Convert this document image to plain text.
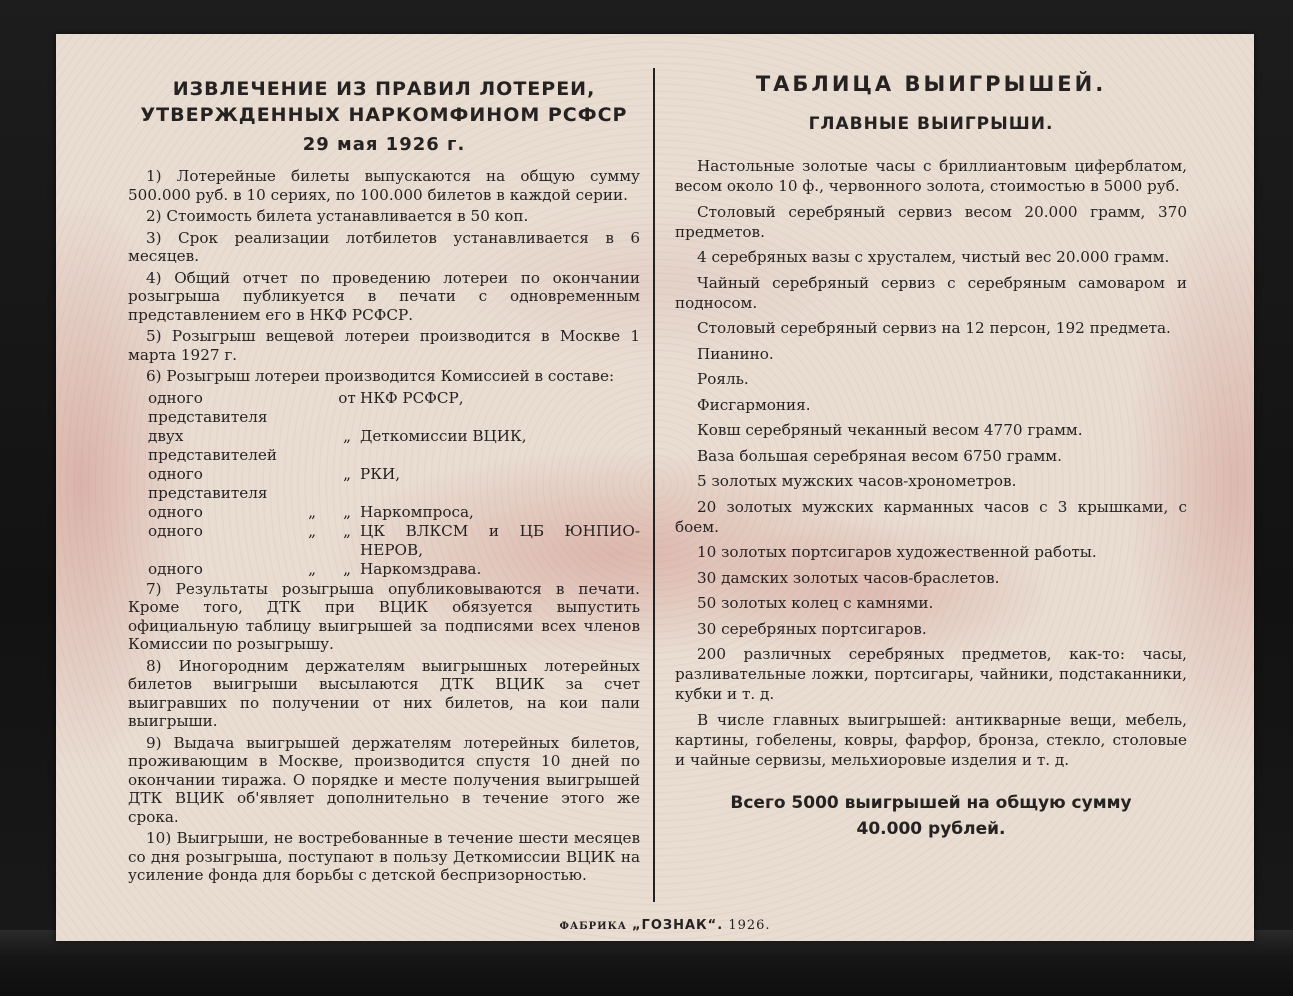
ИЗВЛЕЧЕНИЕ ИЗ ПРАВИЛ ЛОТЕРЕИ,
УТВЕРЖДЕННЫХ НАРКОМФИНОМ РСФСР
29 мая 1926 г.

1) Лотерейные билеты выпускаются на общую сумму 500.000 руб. в 10 сериях, по 100.000 билетов в каждой серии.

2) Стоимость билета устанавливается в 50 коп.

3) Срок реализации лотбилетов устанавливается в 6 месяцев.

4) Общий отчет по проведению лотереи по окончании розыгрыша публикуется в печати с одновременным представлением его в НКФ РСФСР.

5) Розыгрыш вещевой лотереи производится в Москве 1 марта 1927 г.

6) Розыгрыш лотереи производится Комиссией в составе:

одного представителя		от	НКФ РСФСР,
двух представителей		„	Деткомиссии ВЦИК,
одного представителя		„	РКИ,
одного	„	„	Наркомпроса,
одного	„	„	ЦК ВЛКСМ и ЦБ ЮНПИО-НЕРОВ,
одного	„	„	Наркомздрава.

7) Результаты розыгрыша опубликовываются в печати. Кроме того, ДТК при ВЦИК обязуется выпустить официальную таблицу выигрышей за подписями всех членов Комиссии по розыгрышу.

8) Иногородним держателям выигрышных лотерейных билетов выигрыши высылаются ДТК ВЦИК за счет выигравших по получении от них билетов, на кои пали выигрыши.

9) Выдача выигрышей держателям лотерейных билетов, проживающим в Москве, производится спустя 10 дней по окончании тиража. О порядке и месте получения выигрышей ДТК ВЦИК об'являет дополнительно в течение этого же срока.

10) Выигрыши, не востребованные в течение шести месяцев со дня розыгрыша, поступают в пользу Деткомиссии ВЦИК на усиление фонда для борьбы с детской беспризорностью.

ТАБЛИЦА ВЫИГРЫШЕЙ.
ГЛАВНЫЕ ВЫИГРЫШИ.

Настольные золотые часы с бриллиантовым циферблатом, весом около 10 ф., червонного золота, стоимостью в 5000 руб.

Столовый серебряный сервиз весом 20.000 грамм, 370 предметов.

4 серебряных вазы с хрусталем, чистый вес 20.000 грамм.

Чайный серебряный сервиз с серебряным самоваром и подносом.

Столовый серебряный сервиз на 12 персон, 192 предмета.

Пианино.

Рояль.

Фисгармония.

Ковш серебряный чеканный весом 4770 грамм.

Ваза большая серебряная весом 6750 грамм.

5 золотых мужских часов-хронометров.

20 золотых мужских карманных часов с 3 крышками, с боем.

10 золотых портсигаров художественной работы.

30 дамских золотых часов-браслетов.

50 золотых колец с камнями.

30 серебряных портсигаров.

200 различных серебряных предметов, как-то: часы, разливательные ложки, портсигары, чайники, подстаканники, кубки и т. д.

В числе главных выигрышей: антикварные вещи, мебель, картины, гобелены, ковры, фарфор, бронза, стекло, столовые и чайные сервизы, мельхиоровые изделия и т. д.

Всего 5000 выигрышей на общую сумму
40.000 рублей.
ФАБРИКА „ГОЗНАК“. 1926.
